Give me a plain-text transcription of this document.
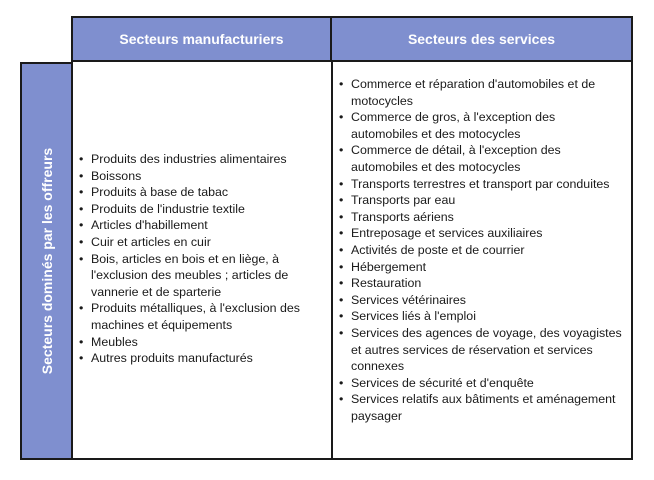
Secteurs manufacturiers	Secteurs des services
Secteurs dominés par les offreurs
•	Produits des industries alimentaires
• Boissons
• Produits à base de tabac
• Produits de l'industrie textile
• Articles d'habillement
• Cuir et articles en cuir
• Bois, articles en bois et en liège, à l'exclusion des meubles ; articles de vannerie et de sparterie
• Produits métalliques, à l'exclusion des machines et équipements
• Meubles
• Autres produits manufacturés
• Commerce et réparation d'automobiles et de motocycles
• Commerce de gros, à l'exception des automobiles et des motocycles
• Commerce de détail, à l'exception des automobiles et des motocycles
• Transports terrestres et transport par conduites
• Transports par eau
• Transports aériens
• Entreposage et services auxiliaires
• Activités de poste et de courrier
• Hébergement
• Restauration
• Services vétérinaires
• Services liés à l'emploi
• Services des agences de voyage, des voyagistes et autres services de réservation et services connexes
• Services de sécurité et d'enquête
• Services relatifs aux bâtiments et aménagement paysager
